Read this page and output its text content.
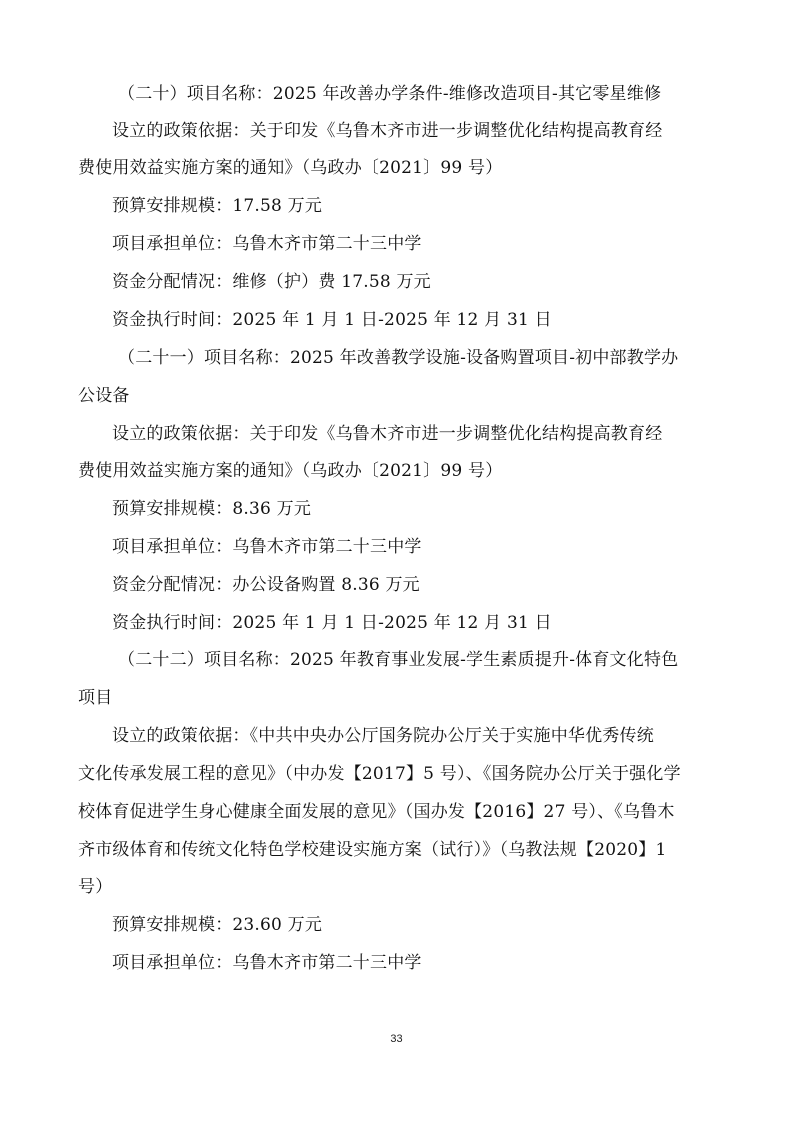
（二十）项目名称：2025 年改善办学条件-维修改造项目-其它零星维修
设立的政策依据：关于印发《乌鲁木齐市进一步调整优化结构提高教育经
费使用效益实施方案的通知》（乌政办〔2021〕99 号）
预算安排规模：17.58 万元
项目承担单位：乌鲁木齐市第二十三中学
资金分配情况：维修（护）费 17.58 万元
资金执行时间：2025 年 1 月 1 日-2025 年 12 月 31 日
（二十一）项目名称：2025 年改善教学设施-设备购置项目-初中部教学办
公设备
设立的政策依据：关于印发《乌鲁木齐市进一步调整优化结构提高教育经
费使用效益实施方案的通知》（乌政办〔2021〕99 号）
预算安排规模：8.36 万元
项目承担单位：乌鲁木齐市第二十三中学
资金分配情况：办公设备购置 8.36 万元
资金执行时间：2025 年 1 月 1 日-2025 年 12 月 31 日
（二十二）项目名称：2025 年教育事业发展-学生素质提升-体育文化特色
项目
设立的政策依据：《中共中央办公厅国务院办公厅关于实施中华优秀传统
文化传承发展工程的意见》（中办发【2017】5 号）、《国务院办公厅关于强化学
校体育促进学生身心健康全面发展的意见》（国办发【2016】27 号）、《乌鲁木
齐市级体育和传统文化特色学校建设实施方案（试行）》（乌教法规【2020】1
号）
预算安排规模：23.60 万元
项目承担单位：乌鲁木齐市第二十三中学
33
